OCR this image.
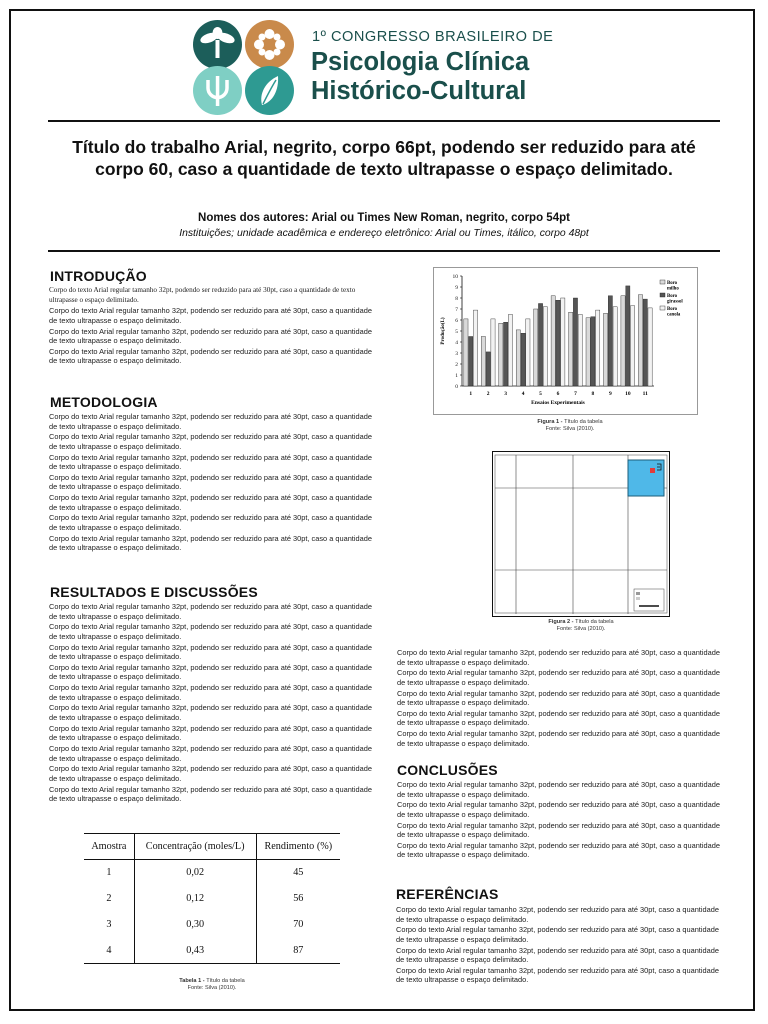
1º CONGRESSO BRASILEIRO DE
Psicologia Clínica
Histórico-Cultural
Título do trabalho Arial, negrito, corpo 66pt, podendo ser reduzido para até
corpo 60, caso a quantidade de texto ultrapasse o espaço delimitado.
Nomes dos autores: Arial ou Times New Roman, negrito, corpo 54pt
Instituições; unidade acadêmica e endereço eletrônico: Arial ou Times, itálico, corpo 48pt
INTRODUÇÃO

Corpo do texto Arial regular tamanho 32pt, podendo ser reduzido para até 30pt, caso a quantidade de texto ultrapasse o espaço delimitado.

Corpo do texto Arial regular tamanho 32pt, podendo ser reduzido para até 30pt, caso a quantidade de texto ultrapasse o espaço delimitado.

Corpo do texto Arial regular tamanho 32pt, podendo ser reduzido para até 30pt, caso a quantidade de texto ultrapasse o espaço delimitado.

Corpo do texto Arial regular tamanho 32pt, podendo ser reduzido para até 30pt, caso a quantidade de texto ultrapasse o espaço delimitado.

METODOLOGIA

Corpo do texto Arial regular tamanho 32pt, podendo ser reduzido para até 30pt, caso a quantidade de texto ultrapasse o espaço delimitado.

Corpo do texto Arial regular tamanho 32pt, podendo ser reduzido para até 30pt, caso a quantidade de texto ultrapasse o espaço delimitado.

Corpo do texto Arial regular tamanho 32pt, podendo ser reduzido para até 30pt, caso a quantidade de texto ultrapasse o espaço delimitado.

Corpo do texto Arial regular tamanho 32pt, podendo ser reduzido para até 30pt, caso a quantidade de texto ultrapasse o espaço delimitado.

Corpo do texto Arial regular tamanho 32pt, podendo ser reduzido para até 30pt, caso a quantidade de texto ultrapasse o espaço delimitado.

Corpo do texto Arial regular tamanho 32pt, podendo ser reduzido para até 30pt, caso a quantidade de texto ultrapasse o espaço delimitado.

Corpo do texto Arial regular tamanho 32pt, podendo ser reduzido para até 30pt, caso a quantidade de texto ultrapasse o espaço delimitado.

RESULTADOS E DISCUSSÕES

Corpo do texto Arial regular tamanho 32pt, podendo ser reduzido para até 30pt, caso a quantidade de texto ultrapasse o espaço delimitado.

Corpo do texto Arial regular tamanho 32pt, podendo ser reduzido para até 30pt, caso a quantidade de texto ultrapasse o espaço delimitado.

Corpo do texto Arial regular tamanho 32pt, podendo ser reduzido para até 30pt, caso a quantidade de texto ultrapasse o espaço delimitado.

Corpo do texto Arial regular tamanho 32pt, podendo ser reduzido para até 30pt, caso a quantidade de texto ultrapasse o espaço delimitado.

Corpo do texto Arial regular tamanho 32pt, podendo ser reduzido para até 30pt, caso a quantidade de texto ultrapasse o espaço delimitado.

Corpo do texto Arial regular tamanho 32pt, podendo ser reduzido para até 30pt, caso a quantidade de texto ultrapasse o espaço delimitado.

Corpo do texto Arial regular tamanho 32pt, podendo ser reduzido para até 30pt, caso a quantidade de texto ultrapasse o espaço delimitado.

Corpo do texto Arial regular tamanho 32pt, podendo ser reduzido para até 30pt, caso a quantidade de texto ultrapasse o espaço delimitado.

Corpo do texto Arial regular tamanho 32pt, podendo ser reduzido para até 30pt, caso a quantidade de texto ultrapasse o espaço delimitado.

Corpo do texto Arial regular tamanho 32pt, podendo ser reduzido para até 30pt, caso a quantidade de texto ultrapasse o espaço delimitado.

Amostra	Concentração (moles/L)	Rendimento (%)
1	0,02	45
2	0,12	56
3	0,30	70
4	0,43	87
Tabela 1 - Título da tabela
Fonte: Silva (2010).
0
1
2
3
4
5
6
7
8
9
10
Produção(L)
1	2	3	4	5	6	7	8	9 10 11
Ensaios Experimentais
Boro
milho
Boro
girassol
Boro
canola
Figura 1 - Título da tabela
Fonte: Silva (2010).
Figura 2 - Título da tabela
Fonte: Silva (2010).

Corpo do texto Arial regular tamanho 32pt, podendo ser reduzido para até 30pt, caso a quantidade de texto ultrapasse o espaço delimitado.

Corpo do texto Arial regular tamanho 32pt, podendo ser reduzido para até 30pt, caso a quantidade de texto ultrapasse o espaço delimitado.

Corpo do texto Arial regular tamanho 32pt, podendo ser reduzido para até 30pt, caso a quantidade de texto ultrapasse o espaço delimitado.

Corpo do texto Arial regular tamanho 32pt, podendo ser reduzido para até 30pt, caso a quantidade de texto ultrapasse o espaço delimitado.

Corpo do texto Arial regular tamanho 32pt, podendo ser reduzido para até 30pt, caso a quantidade de texto ultrapasse o espaço delimitado.

CONCLUSÕES

Corpo do texto Arial regular tamanho 32pt, podendo ser reduzido para até 30pt, caso a quantidade de texto ultrapasse o espaço delimitado.

Corpo do texto Arial regular tamanho 32pt, podendo ser reduzido para até 30pt, caso a quantidade de texto ultrapasse o espaço delimitado.

Corpo do texto Arial regular tamanho 32pt, podendo ser reduzido para até 30pt, caso a quantidade de texto ultrapasse o espaço delimitado.

Corpo do texto Arial regular tamanho 32pt, podendo ser reduzido para até 30pt, caso a quantidade de texto ultrapasse o espaço delimitado.

REFERÊNCIAS

Corpo do texto Arial regular tamanho 32pt, podendo ser reduzido para até 30pt, caso a quantidade de texto ultrapasse o espaço delimitado.

Corpo do texto Arial regular tamanho 32pt, podendo ser reduzido para até 30pt, caso a quantidade de texto ultrapasse o espaço delimitado.

Corpo do texto Arial regular tamanho 32pt, podendo ser reduzido para até 30pt, caso a quantidade de texto ultrapasse o espaço delimitado.

Corpo do texto Arial regular tamanho 32pt, podendo ser reduzido para até 30pt, caso a quantidade de texto ultrapasse o espaço delimitado.
